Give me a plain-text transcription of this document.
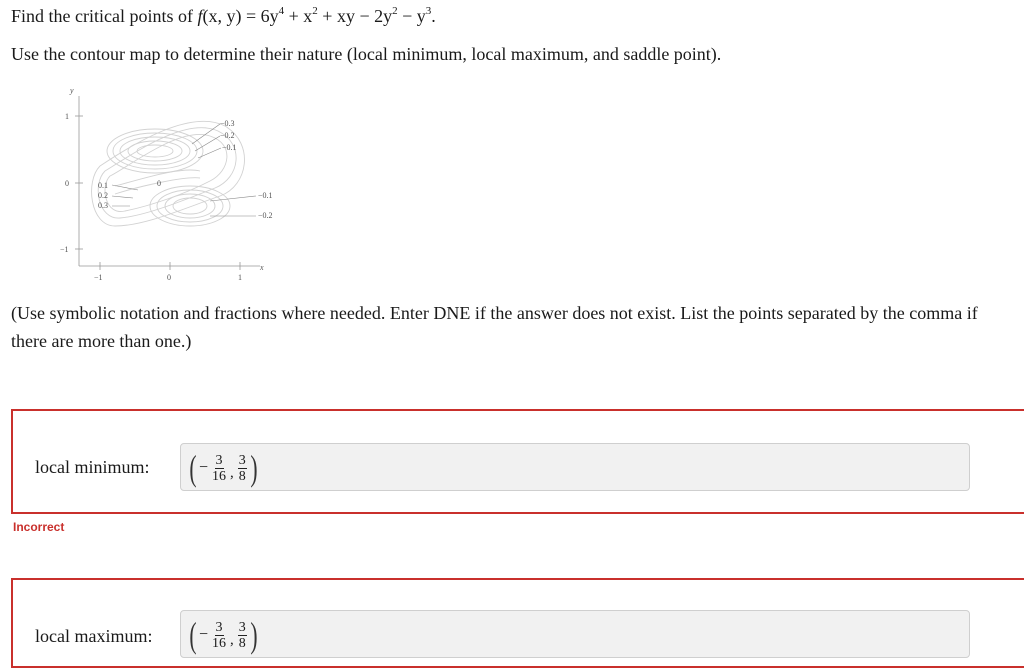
Find the critical points of f(x, $y) = 6y^4 + x^2$ + xy − $2y^2 - y^3$.
Use the contour map to determine their nature (local minimum, local maximum, and saddle point).
y
x
1
0
−1
−1	0	1
−0.3
−0.2
−0.1
0.1
0.2
0.3
0
−0.1
−0.2
(Use symbolic notation and fractions where needed. Enter DNE if the answer does not exist. List the points separated by the comma if there are more than one.)
local minimum: ( − $\frac{3}{16}$ , $\frac{3}{8}$ )
Incorrect
local maximum: ( − $\frac{3}{16}$ , $\frac{3}{8}$ )
